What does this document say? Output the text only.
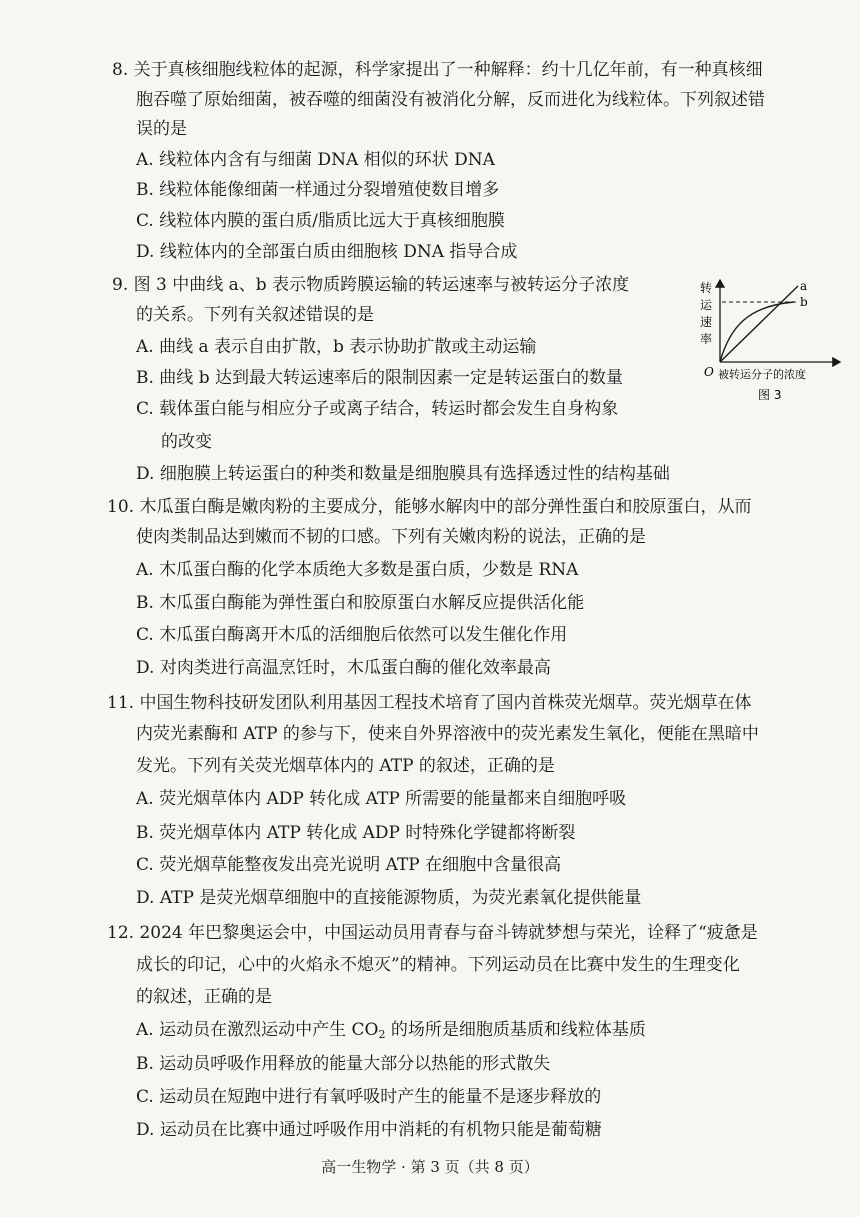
8. 关于真核细胞线粒体的起源，科学家提出了一种解释：约十几亿年前，有一种真核细
胞吞噬了原始细菌，被吞噬的细菌没有被消化分解，反而进化为线粒体。下列叙述错
误的是
A. 线粒体内含有与细菌 DNA 相似的环状 DNA
B. 线粒体能像细菌一样通过分裂增殖使数目增多
C. 线粒体内膜的蛋白质/脂质比远大于真核细胞膜
D. 线粒体内的全部蛋白质由细胞核 DNA 指导合成
9. 图 3 中曲线 a、b 表示物质跨膜运输的转运速率与被转运分子浓度
的关系。下列有关叙述错误的是
A. 曲线 a 表示自由扩散，b 表示协助扩散或主动运输
B. 曲线 b 达到最大转运速率后的限制因素一定是转运蛋白的数量
C. 载体蛋白能与相应分子或离子结合，转运时都会发生自身构象
的改变
D. 细胞膜上转运蛋白的种类和数量是细胞膜具有选择透过性的结构基础
a
b
转
运
速
率
O 被转运分子的浓度
图 3
10. 木瓜蛋白酶是嫩肉粉的主要成分，能够水解肉中的部分弹性蛋白和胶原蛋白，从而
使肉类制品达到嫩而不韧的口感。下列有关嫩肉粉的说法，正确的是
A. 木瓜蛋白酶的化学本质绝大多数是蛋白质，少数是 RNA
B. 木瓜蛋白酶能为弹性蛋白和胶原蛋白水解反应提供活化能
C. 木瓜蛋白酶离开木瓜的活细胞后依然可以发生催化作用
D. 对肉类进行高温烹饪时，木瓜蛋白酶的催化效率最高
11. 中国生物科技研发团队利用基因工程技术培育了国内首株荧光烟草。荧光烟草在体
内荧光素酶和 ATP 的参与下，使来自外界溶液中的荧光素发生氧化，便能在黑暗中
发光。下列有关荧光烟草体内的 ATP 的叙述，正确的是
A. 荧光烟草体内 ADP 转化成 ATP 所需要的能量都来自细胞呼吸
B. 荧光烟草体内 ATP 转化成 ADP 时特殊化学键都将断裂
C. 荧光烟草能整夜发出亮光说明 ATP 在细胞中含量很高
D. ATP 是荧光烟草细胞中的直接能源物质，为荧光素氧化提供能量
12. 2024 年巴黎奥运会中，中国运动员用青春与奋斗铸就梦想与荣光，诠释了“疲惫是
成长的印记，心中的火焰永不熄灭”的精神。下列运动员在比赛中发生的生理变化
的叙述，正确的是
A. 运动员在激烈运动中产生 $CO_2$ 的场所是细胞质基质和线粒体基质
B. 运动员呼吸作用释放的能量大部分以热能的形式散失
C. 运动员在短跑中进行有氧呼吸时产生的能量不是逐步释放的
D. 运动员在比赛中通过呼吸作用中消耗的有机物只能是葡萄糖
高一生物学 · 第 3 页（共 8 页）
